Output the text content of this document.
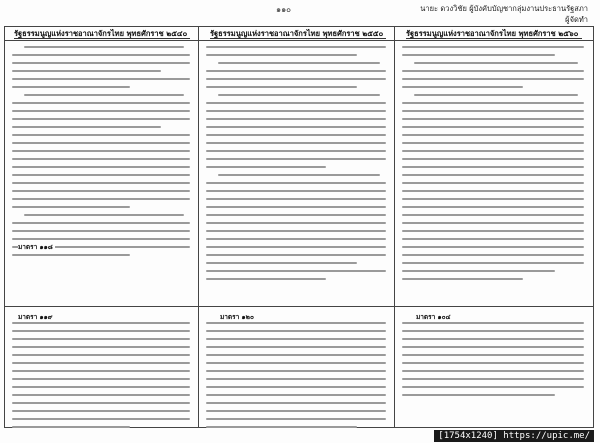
๑๑๐	นายะ ดวงวิชัย ผู้บังคับบัญชากลุ่มงานประธานรัฐสภา
ผู้จัดทำ
รัฐธรรมนูญแห่งราชอาณาจักรไทย พุทธศักราช ๒๕๔๐	รัฐธรรมนูญแห่งราชอาณาจักรไทย พุทธศักราช ๒๕๕๐	รัฐธรรมนูญแห่งราชอาณาจักรไทย พุทธศักราช ๒๕๖๐
มาตรา ๑๑๘
มาตรา ๑๑๙	มาตรา ๑๒๐	มาตรา ๑๐๔
[1754x1240] https://upic.me/
